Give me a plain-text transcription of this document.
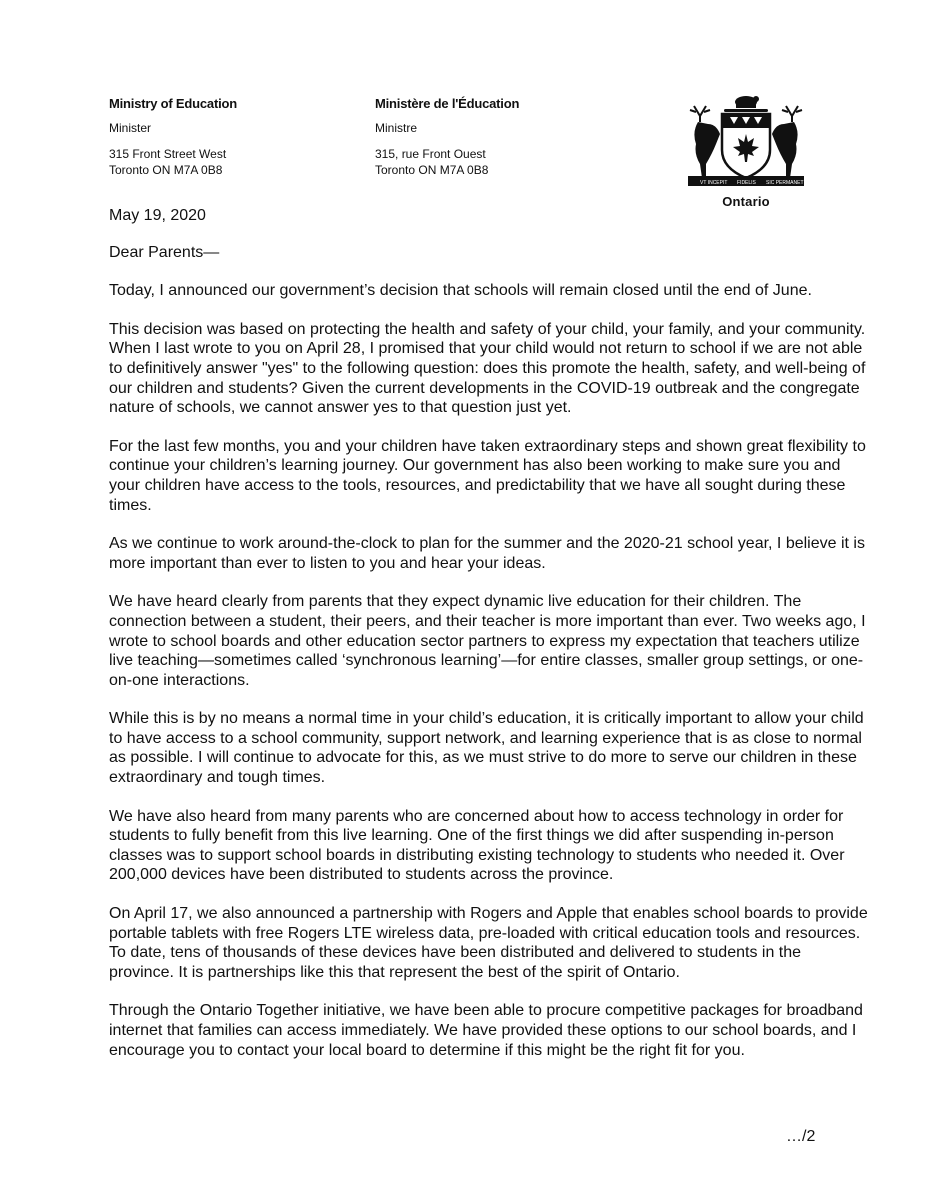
Ministry of Education
Minister
315 Front Street West
Toronto ON M7A 0B8
Ministère de l'Éducation
Ministre
315, rue Front Ouest
Toronto ON M7A 0B8
VT INCEPIT FIDELIS SIC PERMANET
Ontario
May 19, 2020
Dear Parents—

Today, I announced our government’s decision that schools will remain closed until the end of June.

This decision was based on protecting the health and safety of your child, your family, and your community. When I last wrote to you on April 28, I promised that your child would not return to school if we are not able to definitively answer "yes" to the following question: does this promote the health, safety, and well-being of our children and students? Given the current developments in the COVID-19 outbreak and the congregate nature of schools, we cannot answer yes to that question just yet.

For the last few months, you and your children have taken extraordinary steps and shown great flexibility to continue your children’s learning journey. Our government has also been working to make sure you and your children have access to the tools, resources, and predictability that we have all sought during these times.

As we continue to work around-the-clock to plan for the summer and the 2020-21 school year, I believe it is more important than ever to listen to you and hear your ideas.

We have heard clearly from parents that they expect dynamic live education for their children. The connection between a student, their peers, and their teacher is more important than ever. Two weeks ago, I wrote to school boards and other education sector partners to express my expectation that teachers utilize live teaching—sometimes called ‘synchronous learning’—for entire classes, smaller group settings, or one-on-one interactions.

While this is by no means a normal time in your child’s education, it is critically important to allow your child to have access to a school community, support network, and learning experience that is as close to normal as possible. I will continue to advocate for this, as we must strive to do more to serve our children in these extraordinary and tough times.

We have also heard from many parents who are concerned about how to access technology in order for students to fully benefit from this live learning. One of the first things we did after suspending in-person classes was to support school boards in distributing existing technology to students who needed it. Over 200,000 devices have been distributed to students across the province.

On April 17, we also announced a partnership with Rogers and Apple that enables school boards to provide portable tablets with free Rogers LTE wireless data, pre-loaded with critical education tools and resources. To date, tens of thousands of these devices have been distributed and delivered to students in the province. It is partnerships like this that represent the best of the spirit of Ontario.

Through the Ontario Together initiative, we have been able to procure competitive packages for broadband internet that families can access immediately. We have provided these options to our school boards, and I encourage you to contact your local board to determine if this might be the right fit for you.

…/2
